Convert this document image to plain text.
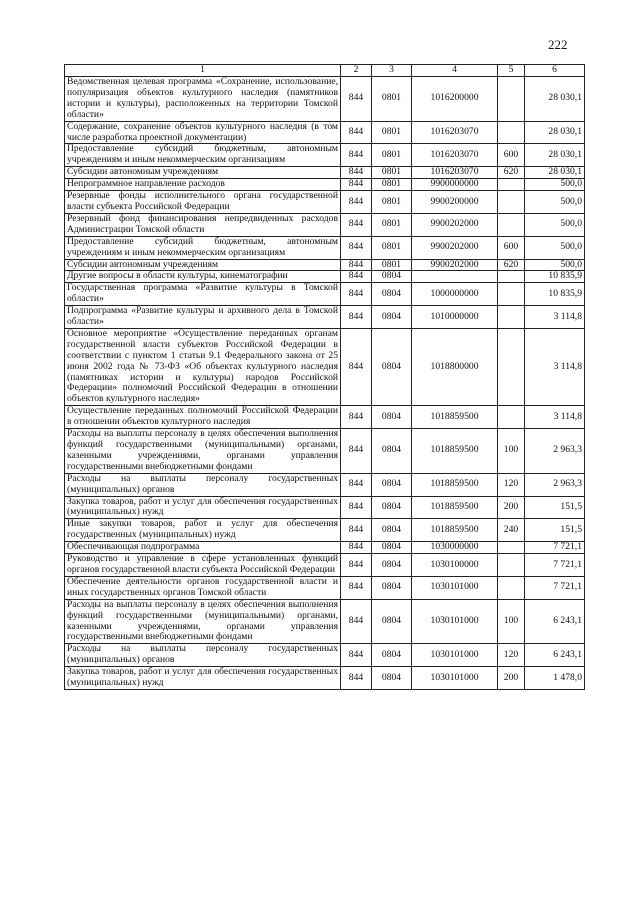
222
1	2	3	4	5	6
Ведомственная целевая программа «Сохранение, использование, популяризация объектов культурного наследия (памятников истории и культуры), расположенных на территории Томской области»	844	0801	1016200000		28 030,1
Содержание, сохранение объектов культурного наследия (в том числе разработка проектной документации)	844	0801	1016203070		28 030,1
Предоставление субсидий бюджетным, автономным учреждениям и иным некоммерческим организациям	844	0801	1016203070	600	28 030,1
Субсидии автономным учреждениям	844	0801	1016203070	620	28 030,1
Непрограммное направление расходов	844	0801	9900000000		500,0
Резервные фонды исполнительного органа государственной власти субъекта Российской Федерации	844	0801	9900200000		500,0
Резервный фонд финансирования непредвиденных расходов Администрации Томской области	844	0801	9900202000		500,0
Предоставление субсидий бюджетным, автономным учреждениям и иным некоммерческим организациям	844	0801	9900202000	600	500,0
Субсидии автономным учреждениям	844	0801	9900202000	620	500,0
Другие вопросы в области культуры, кинематографии	844	0804			10 835,9
Государственная программа «Развитие культуры в Томской области»	844	0804	1000000000		10 835,9
Подпрограмма «Развитие культуры и архивного дела в Томской области»	844	0804	1010000000		3 114,8
Основное мероприятие «Осуществление переданных органам государственной власти субъектов Российской Федерации в соответствии с пунктом 1 статьи 9.1 Федерального закона от 25 июня 2002 года № 73-ФЗ «Об объектах культурного наследия (памятниках истории и культуры) народов Российской Федерации» полномочий Российской Федерации в отношении объектов культурного наследия»	844	0804	1018800000		3 114,8
Осуществление переданных полномочий Российской Федерации в отношении объектов культурного наследия	844	0804	1018859500		3 114,8
Расходы на выплаты персоналу в целях обеспечения выполнения функций государственными (муниципальными) органами, казенными учреждениями, органами управления государственными внебюджетными фондами	844	0804	1018859500	100	2 963,3
Расходы на выплаты персоналу государственных (муниципальных) органов	844	0804	1018859500	120	2 963,3
Закупка товаров, работ и услуг для обеспечения государственных (муниципальных) нужд	844	0804	1018859500	200	151,5
Иные закупки товаров, работ и услуг для обеспечения государственных (муниципальных) нужд	844	0804	1018859500	240	151,5
Обеспечивающая подпрограмма	844	0804	1030000000		7 721,1
Руководство и управление в сфере установленных функций органов государственной власти субъекта Российской Федерации	844	0804	1030100000		7 721,1
Обеспечение деятельности органов государственной власти и иных государственных органов Томской области	844	0804	1030101000		7 721,1
Расходы на выплаты персоналу в целях обеспечения выполнения функций государственными (муниципальными) органами, казенными учреждениями, органами управления государственными внебюджетными фондами	844	0804	1030101000	100	6 243,1
Расходы на выплаты персоналу государственных (муниципальных) органов	844	0804	1030101000	120	6 243,1
Закупка товаров, работ и услуг для обеспечения государственных (муниципальных) нужд	844	0804	1030101000	200	1 478,0
